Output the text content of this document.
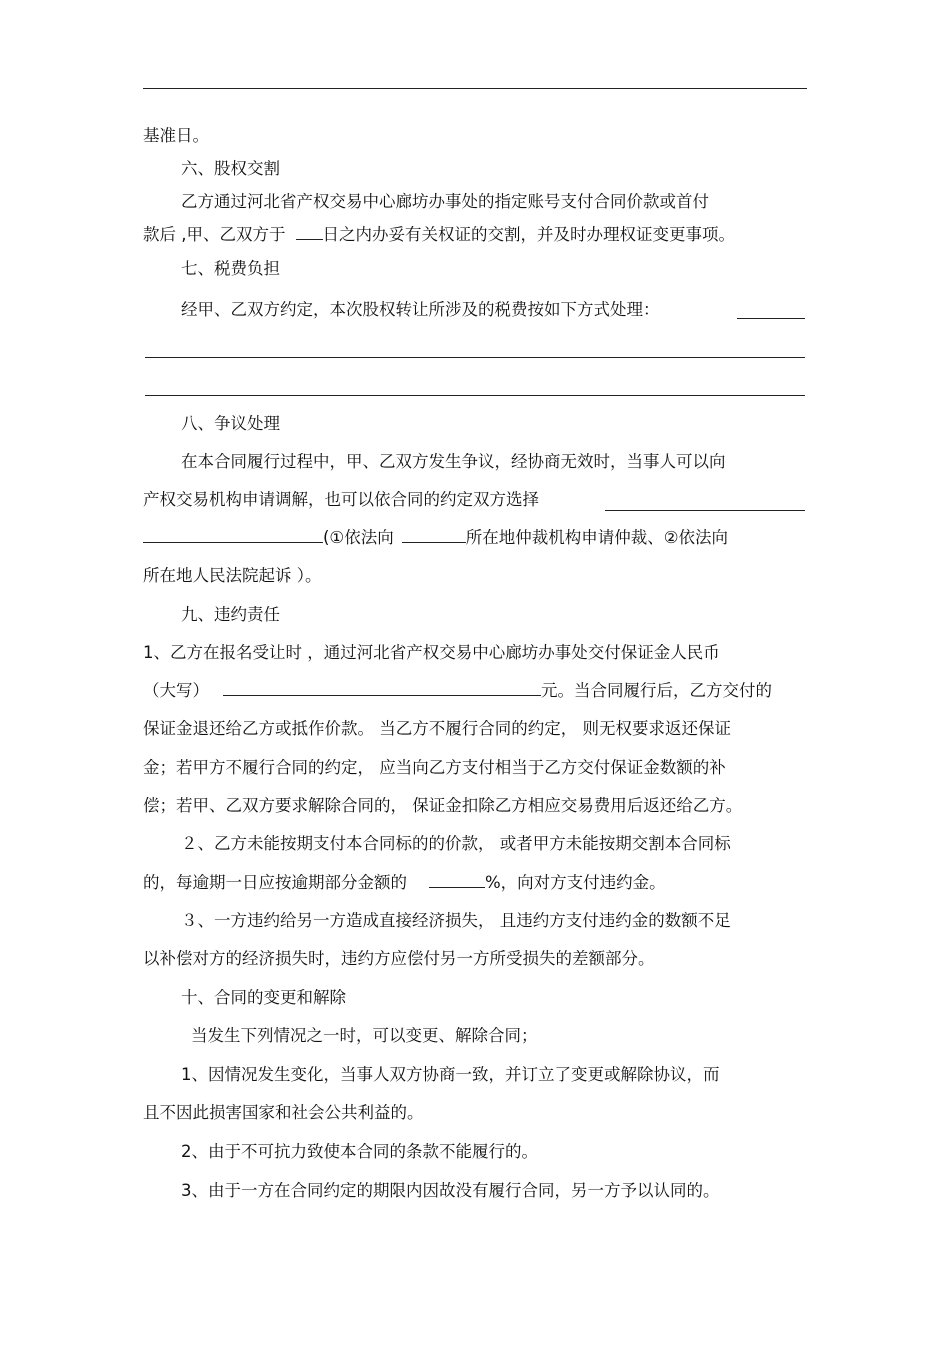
基准日。
六、股权交割
乙方通过河北省产权交易中心廊坊办事处的指定账号支付合同价款或首付
款后 ,甲、乙双方于 日之内办妥有关权证的交割，并及时办理权证变更事项。
七、税费负担
经甲、乙双方约定，本次股权转让所涉及的税费按如下方式处理：
八、争议处理
在本合同履行过程中，甲、乙双方发生争议，经协商无效时，当事人可以向
产权交易机构申请调解，也可以依合同的约定双方选择
(①依法向	所在地仲裁机构申请仲裁、②依法向
所在地人民法院起诉 ）。
九、违约责任
1、乙方在报名受让时 ，通过河北省产权交易中心廊坊办事处交付保证金人民币
（大写）	元。当合同履行后，乙方交付的
保证金退还给乙方或抵作价款。 当乙方不履行合同的约定， 则无权要求返还保证
金；若甲方不履行合同的约定， 应当向乙方支付相当于乙方交付保证金数额的补
偿；若甲、乙双方要求解除合同的， 保证金扣除乙方相应交易费用后返还给乙方。
２、乙方未能按期支付本合同标的的价款， 或者甲方未能按期交割本合同标
的，每逾期一日应按逾期部分金额的	%，向对方支付违约金。
３、一方违约给另一方造成直接经济损失， 且违约方支付违约金的数额不足
以补偿对方的经济损失时，违约方应偿付另一方所受损失的差额部分。
十、合同的变更和解除
当发生下列情况之一时，可以变更、解除合同；
1、因情况发生变化，当事人双方协商一致，并订立了变更或解除协议，而
且不因此损害国家和社会公共利益的。
2、由于不可抗力致使本合同的条款不能履行的。
3、由于一方在合同约定的期限内因故没有履行合同，另一方予以认同的。
